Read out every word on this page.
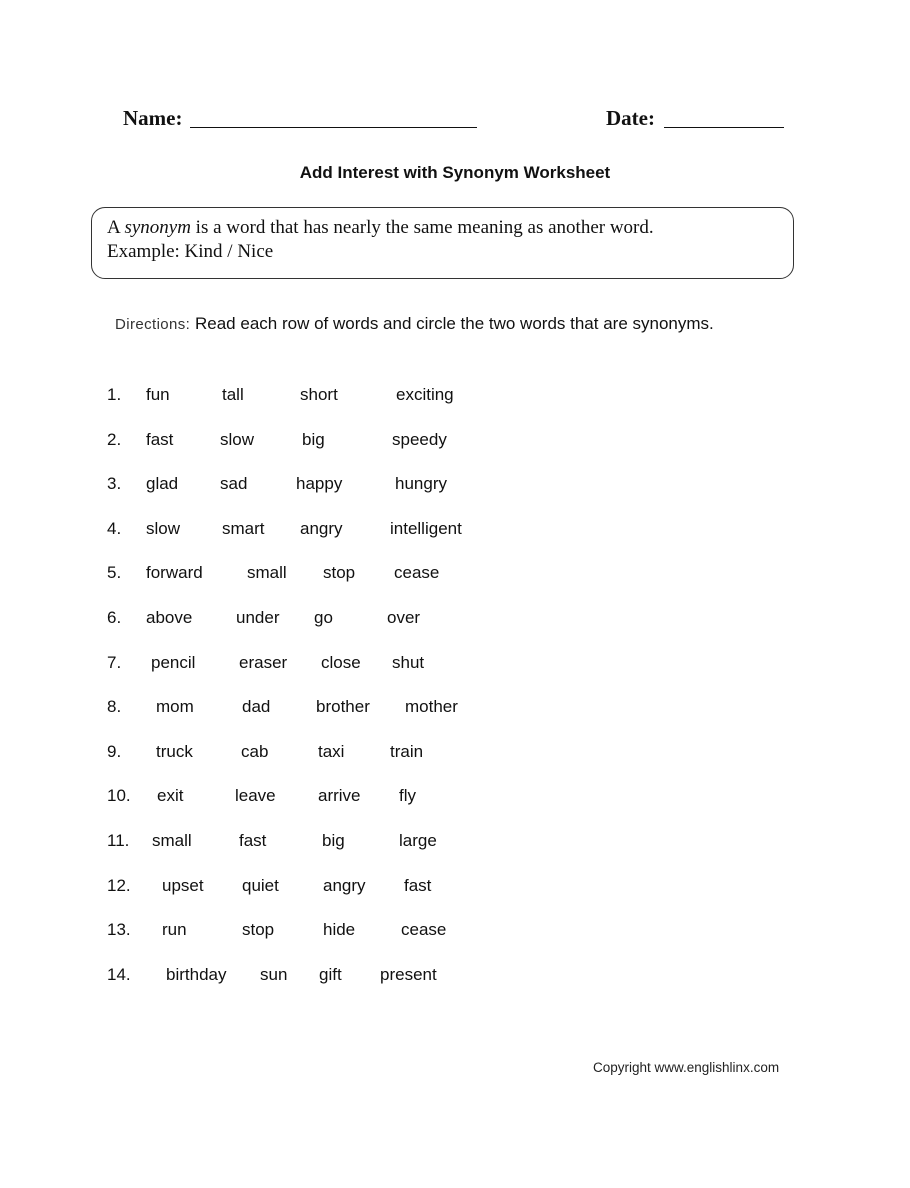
Name:	Date:
Add Interest with Synonym Worksheet
A synonym is a word that has nearly the same meaning as another word.
Example: Kind / Nice
Directions: Read each row of words and circle the two words that are synonyms.
1. fun	tall	short	exciting
2. fast	slow	big	speedy
3. glad sad	happy	hungry
4. slow smart angry	intelligent
5. forward	small stop cease
6. above	under go	over
7. pencil	eraser close shut
8. mom	dad	brother mother
9. truck	cab	taxi	train
10. exit	leave arrive fly
11. small	fast	big	large
12. upset quiet	angry fast
13. run	stop	hide	cease
14. birthday sun gift present
Copyright www.englishlinx.com
